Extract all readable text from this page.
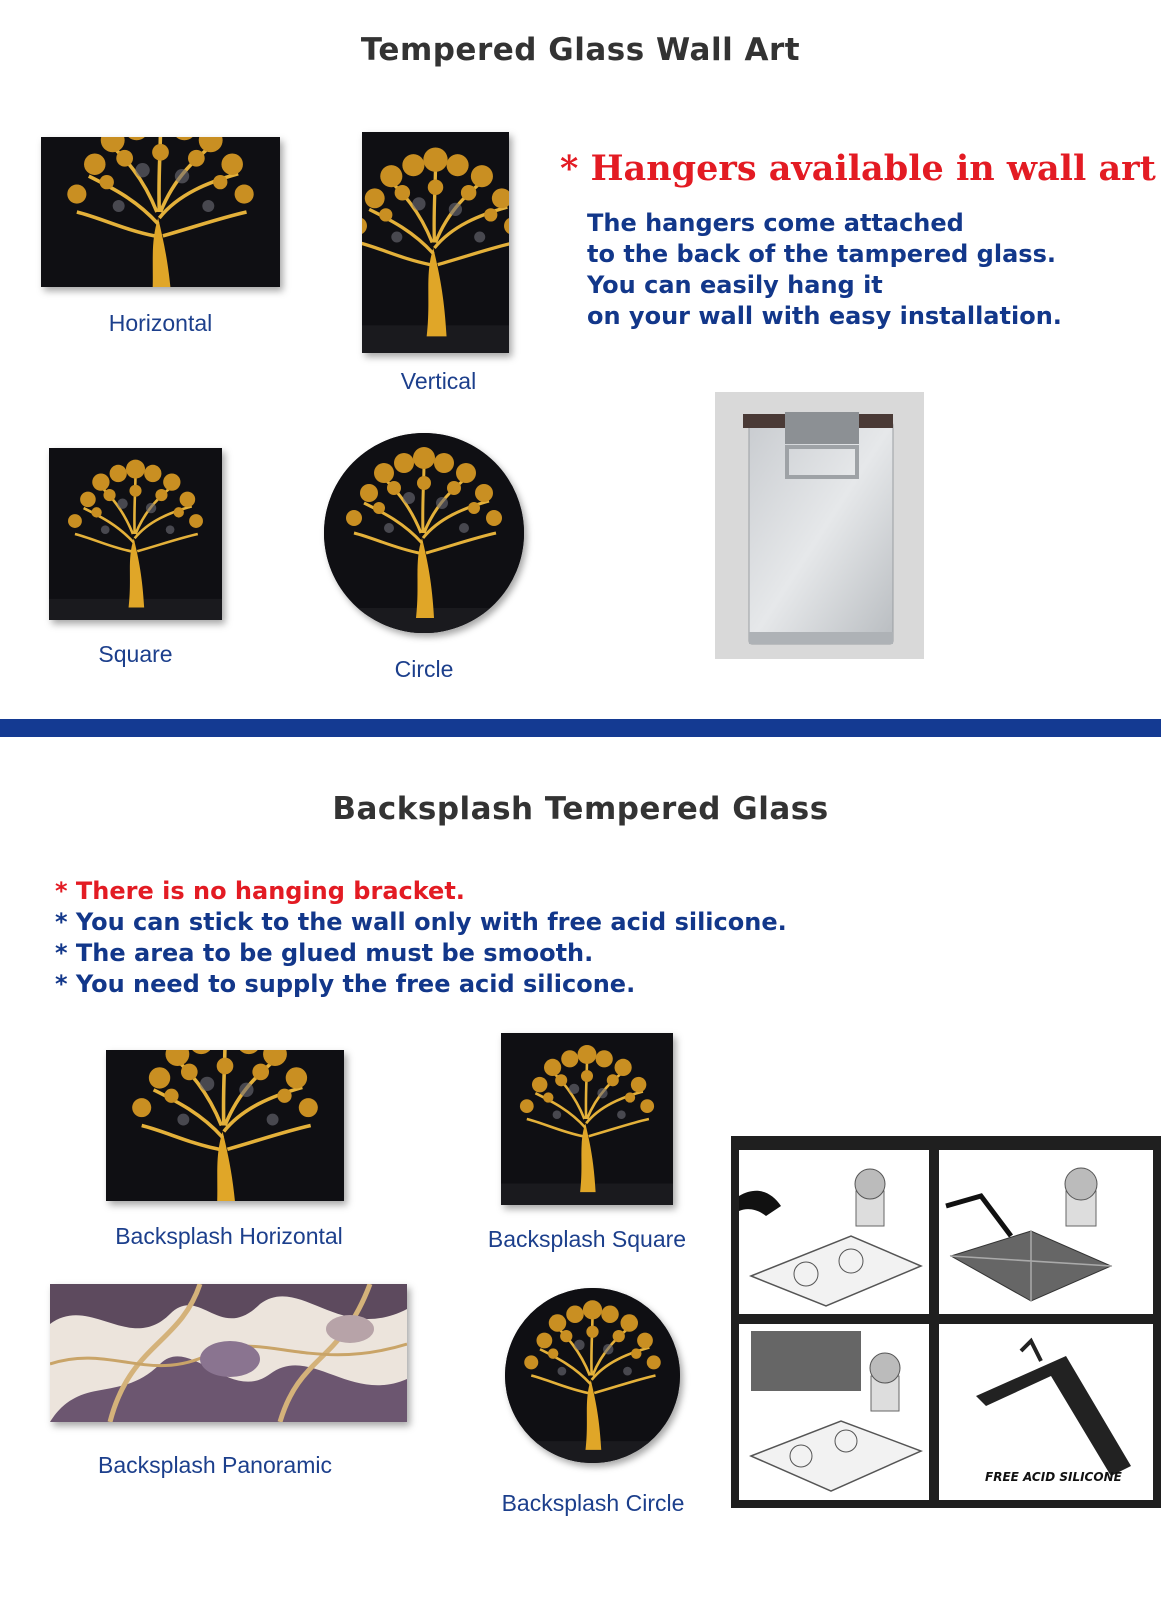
Tempered Glass Wall Art
Horizontal
Vertical
Square
Circle
* Hangers available in wall art
The hangers come attached
to the back of the tampered glass.
You can easily hang it
on your wall with easy installation.
Backsplash Tempered Glass
* There is no hanging bracket.
* You can stick to the wall only with free acid silicone.
* The area to be glued must be smooth.
* You need to supply the free acid silicone.
Backsplash Horizontal	Backsplash Square
Backsplash Panoramic
Backsplash Circle
FREE ACID SILICONE
